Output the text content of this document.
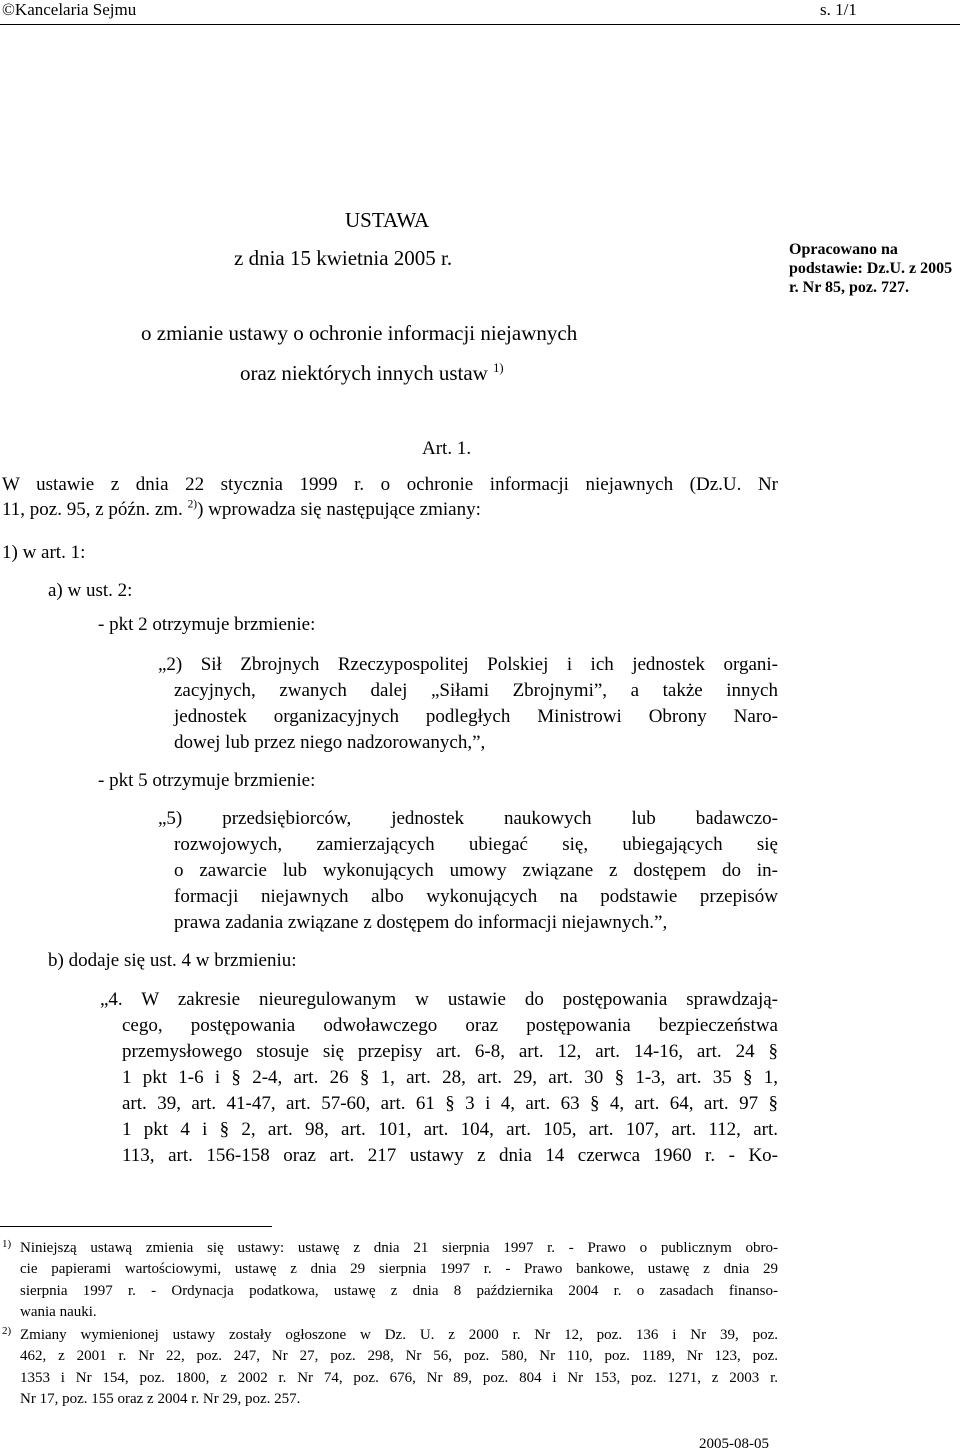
©Kancelaria Sejmu	s. 1/1
USTAWA
z dnia 15 kwietnia 2005 r.
o zmianie ustawy o ochronie informacji niejawnych
oraz niektórych innych ustaw $^{1)}$
Opracowano na podstawie: Dz.U. z 2005 r. Nr 85, poz. 727.
Art. 1.
W ustawie z dnia 22 stycznia 1999 r. o ochronie informacji niejawnych (Dz.U. Nr
11, poz. 95, z późn. zm. $^{2)}$) wprowadza się następujące zmiany:
1) w art. 1:
a) w ust. 2:
- pkt 2 otrzymuje brzmienie:
„2) Sił Zbrojnych Rzeczypospolitej Polskiej i ich jednostek organi-
zacyjnych, zwanych dalej „Siłami Zbrojnymi”, a także innych
jednostek organizacyjnych podległych Ministrowi Obrony Naro-
dowej lub przez niego nadzorowanych,”,
- pkt 5 otrzymuje brzmienie:
„5) przedsiębiorców, jednostek naukowych lub badawczo-
rozwojowych, zamierzających ubiegać się, ubiegających się
o zawarcie lub wykonujących umowy związane z dostępem do in-
formacji niejawnych albo wykonujących na podstawie przepisów
prawa zadania związane z dostępem do informacji niejawnych.”,
b) dodaje się ust. 4 w brzmieniu:
„4. W zakresie nieuregulowanym w ustawie do postępowania sprawdzają-
cego, postępowania odwoławczego oraz postępowania bezpieczeństwa
przemysłowego stosuje się przepisy art. 6-8, art. 12, art. 14-16, art. 24 §
1 pkt 1-6 i § 2-4, art. 26 § 1, art. 28, art. 29, art. 30 § 1-3, art. 35 § 1,
art. 39, art. 41-47, art. 57-60, art. 61 § 3 i 4, art. 63 § 4, art. 64, art. 97 §
1 pkt 4 i § 2, art. 98, art. 101, art. 104, art. 105, art. 107, art. 112, art.
113, art. 156-158 oraz art. 217 ustawy z dnia 14 czerwca 1960 r. - Ko-
1) Niniejszą ustawą zmienia się ustawy: ustawę z dnia 21 sierpnia 1997 r. - Prawo o publicznym obro-
cie papierami wartościowymi, ustawę z dnia 29 sierpnia 1997 r. - Prawo bankowe, ustawę z dnia 29
sierpnia 1997 r. - Ordynacja podatkowa, ustawę z dnia 8 października 2004 r. o zasadach finanso-
wania nauki.
2) Zmiany wymienionej ustawy zostały ogłoszone w Dz. U. z 2000 r. Nr 12, poz. 136 i Nr 39, poz.
462, z 2001 r. Nr 22, poz. 247, Nr 27, poz. 298, Nr 56, poz. 580, Nr 110, poz. 1189, Nr 123, poz.
1353 i Nr 154, poz. 1800, z 2002 r. Nr 74, poz. 676, Nr 89, poz. 804 i Nr 153, poz. 1271, z 2003 r.
Nr 17, poz. 155 oraz z 2004 r. Nr 29, poz. 257.
2005-08-05
